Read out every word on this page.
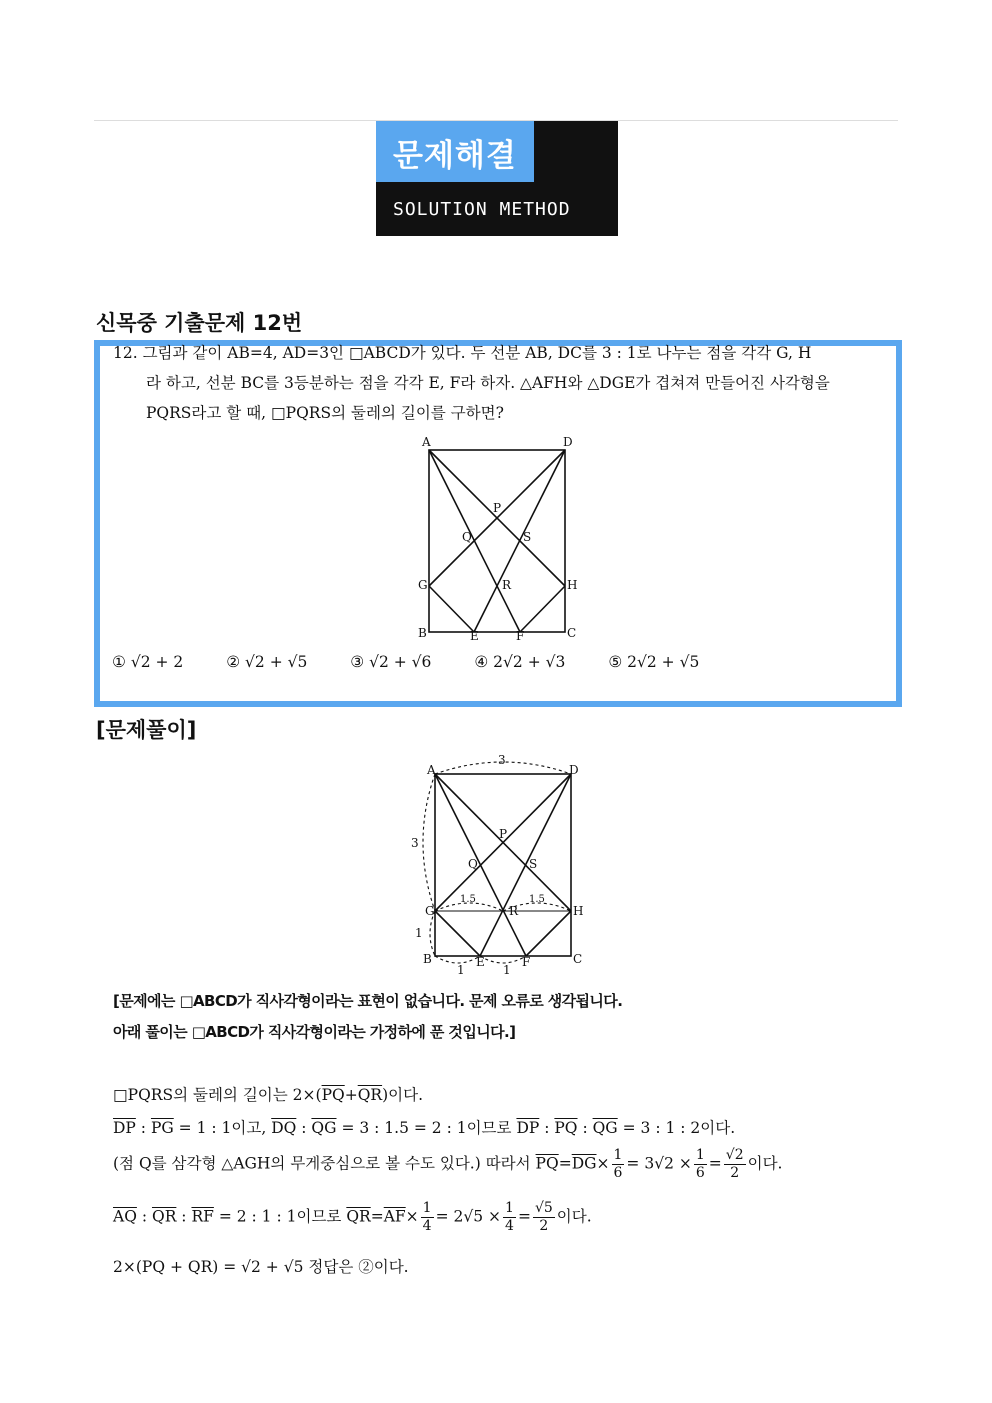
문제해결
SOLUTION METHOD
신목중 기출문제 12번
12. 그림과 같이 AB=4, AD=3인 □ABCD가 있다. 두 선분 AB, DC를 3 : 1로 나누는 점을 각각 G, H
라 하고, 선분 BC를 3등분하는 점을 각각 E, F라 하자. △AFH와 △DGE가 겹쳐져 만들어진 사각형을
PQRS라고 할 때, □PQRS의 둘레의 길이를 구하면?
A	D
B	C
E	F
G	H
P
Q
R
S
① √2 + 2	② √2 + √5	③ √2 + √6	④ 2√2 + √3	⑤ 2√2 + √5
[문제풀이]
A	D
B	C
E	F
G	H
P
Q
R
S
3
3
1
1.5	1.5
1	1
[문제에는 □ABCD가 직사각형이라는 표현이 없습니다. 문제 오류로 생각됩니다.
아래 풀이는 □ABCD가 직사각형이라는 가정하에 푼 것입니다.]
□PQRS의 둘레의 길이는 $2\times(\overline{PQ}+\overline{QR})$이다.
$\overline{DP}$ : $\overline{PG} = 1$ : 1이고, $\overline{DQ}$ : $\overline{QG} = 3$ : 1.5 = 2 : 1이므로 $\overline{DP}$ : $\overline{PQ}$ : $\overline{QG} = 3$ : 1 : 2이다.
(점 Q를 삼각형 △AGH의 무게중심으로 볼 수도 있다.) 따라서 $\overline{PQ}=\overline{DG}\times \frac{1}{6} = 3√2 \times \frac{1}{6} = \frac{√2}{2}$ 이다.
$\overline{AQ}$ : $\overline{QR}$ : $\overline{RF} = 2$ : 1 : 1이므로 $\overline{QR}=\overline{AF}\times \frac{1}{4} = 2√5 \times \frac{1}{4} = \frac{√5}{2}$ 이다.
2×(PQ + QR) = √2 + √5 정답은 ②이다.
